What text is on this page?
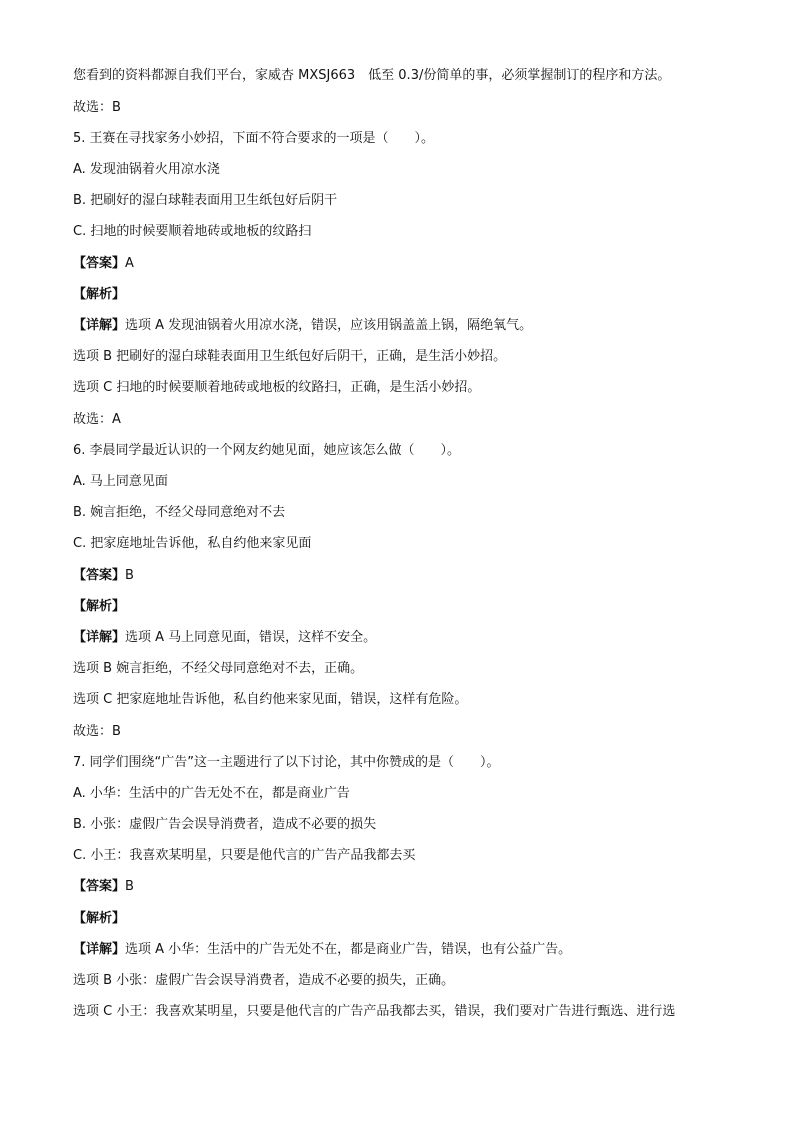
您看到的资料都源自我们平台，家威杏 MXSJ663　低至 0.3/份简单的事，必须掌握制订的程序和方法。
故选：B
5. 王赛在寻找家务小妙招，下面不符合要求的一项是（　　）。
A. 发现油锅着火用凉水浇
B. 把刷好的湿白球鞋表面用卫生纸包好后阴干
C. 扫地的时候要顺着地砖或地板的纹路扫
【答案】A
【解析】
【详解】选项 A 发现油锅着火用凉水浇，错误，应该用锅盖盖上锅，隔绝氧气。
选项 B 把刷好的湿白球鞋表面用卫生纸包好后阴干，正确，是生活小妙招。
选项 C 扫地的时候要顺着地砖或地板的纹路扫，正确，是生活小妙招。
故选：A
6. 李晨同学最近认识的一个网友约她见面，她应该怎么做（　　）。
A. 马上同意见面
B. 婉言拒绝，不经父母同意绝对不去
C. 把家庭地址告诉他，私自约他来家见面
【答案】B
【解析】
【详解】选项 A 马上同意见面，错误，这样不安全。
选项 B 婉言拒绝，不经父母同意绝对不去，正确。
选项 C 把家庭地址告诉他，私自约他来家见面，错误，这样有危险。
故选：B
7. 同学们围绕“广告”这一主题进行了以下讨论，其中你赞成的是（　　）。
A. 小华：生活中的广告无处不在，都是商业广告
B. 小张：虚假广告会误导消费者，造成不必要的损失
C. 小王：我喜欢某明星，只要是他代言的广告产品我都去买
【答案】B
【解析】
【详解】选项 A 小华：生活中的广告无处不在，都是商业广告，错误，也有公益广告。
选项 B 小张：虚假广告会误导消费者，造成不必要的损失，正确。
选项 C 小王：我喜欢某明星，只要是他代言的广告产品我都去买，错误，我们要对广告进行甄选、进行选
